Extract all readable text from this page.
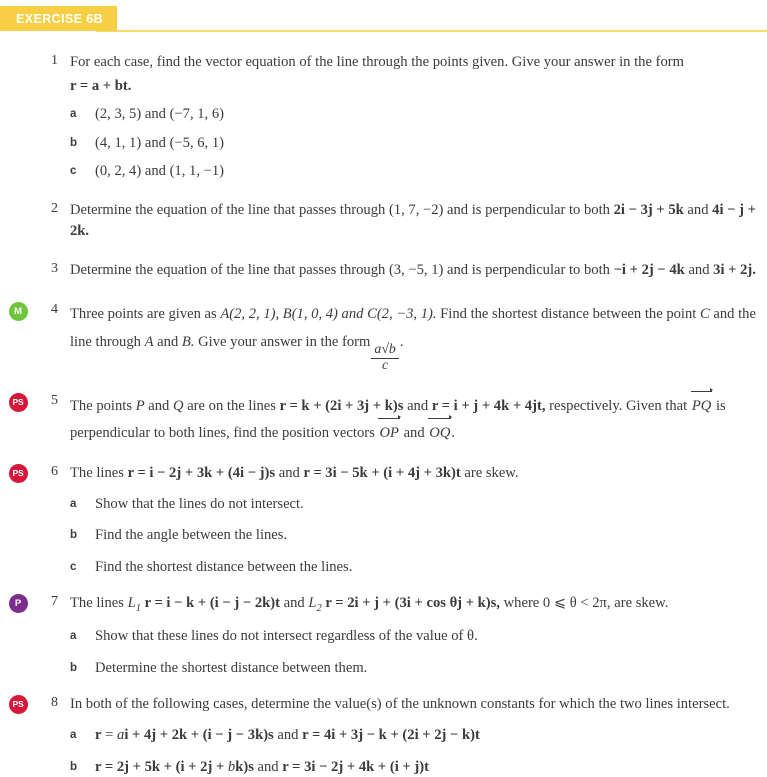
EXERCISE 6B
1 For each case, find the vector equation of the line through the points given. Give your answer in the form
r = a + bt.
a	(2, 3, 5) and (−7, 1, 6)
b	(4, 1, 1) and (−5, 6, 1)
c	(0, 2, 4) and (1, 1, −1)
2 Determine the equation of the line that passes through (1, 7, −2) and is perpendicular to both 2i − 3j + 5k and 4i − j + 2k.
3 Determine the equation of the line that passes through (3, −5, 1) and is perpendicular to both −i + 2j − 4k and 3i + 2j.
M	4 Three points are given as A(2, 2, 1), B(1, 0, 4) and C(2, −3, 1). Find the shortest distance between the point C and the line through A and B. Give your answer in the form
$\frac{a√b}{c}$
.
PS	5 The points P and Q are on the lines r = k + (2i + 3j + k)s and r = i + j + 4k + 4jt, respectively. Given that PQ is perpendicular to both lines, find the position vectors OP and OQ.
PS	6 The lines r = i − 2j + 3k + (4i − j)s and r = 3i − 5k + (i + 4j + 3k)t are skew.
a	Show that the lines do not intersect.
b	Find the angle between the lines.
c	Find the shortest distance between the lines.
P	7 The lines $L_1$ r = i − k + (i − j − 2k)t and $L_2$ r = 2i + j + (3i + cos θj + k)s, where 0 ⩽ θ < 2π, are skew.
a	Show that these lines do not intersect regardless of the value of θ.
b	Determine the shortest distance between them.
PS	8 In both of the following cases, determine the value(s) of the unknown constants for which the two lines intersect.
a	r = ai + 4j + 2k + (i − j − 3k)s and r = 4i + 3j − k + (2i + 2j − k)t
b	r = 2j + 5k + (i + 2j + bk)s and r = 3i − 2j + 4k + (i + j)t
